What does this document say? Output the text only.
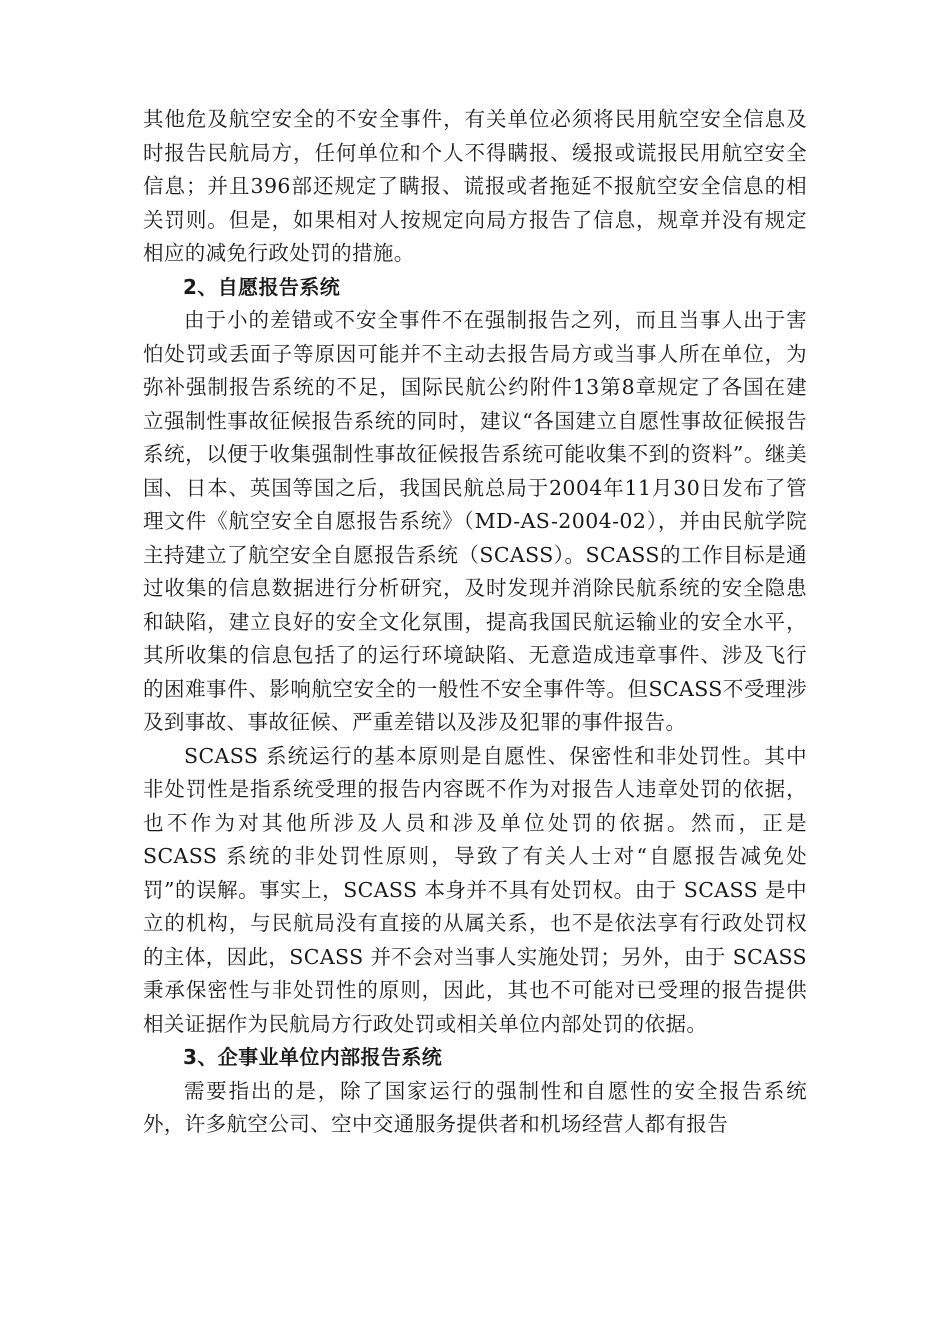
其他危及航空安全的不安全事件，有关单位必须将民用航空安全信息及时报告民航局方，任何单位和个人不得瞒报、缓报或谎报民用航空安全信息；并且396部还规定了瞒报、谎报或者拖延不报航空安全信息的相关罚则。但是，如果相对人按规定向局方报告了信息，规章并没有规定相应的减免行政处罚的措施。

2、自愿报告系统

由于小的差错或不安全事件不在强制报告之列，而且当事人出于害怕处罚或丢面子等原因可能并不主动去报告局方或当事人所在单位，为弥补强制报告系统的不足，国际民航公约附件13第8章规定了各国在建立强制性事故征候报告系统的同时，建议“各国建立自愿性事故征候报告系统，以便于收集强制性事故征候报告系统可能收集不到的资料”。继美国、日本、英国等国之后，我国民航总局于2004年11月30日发布了管理文件《航空安全自愿报告系统》（MD-AS-2004-02），并由民航学院主持建立了航空安全自愿报告系统（SCASS）。SCASS的工作目标是通过收集的信息数据进行分析研究，及时发现并消除民航系统的安全隐患和缺陷，建立良好的安全文化氛围，提高我国民航运输业的安全水平，其所收集的信息包括了的运行环境缺陷、无意造成违章事件、涉及飞行的困难事件、影响航空安全的一般性不安全事件等。但SCASS不受理涉及到事故、事故征候、严重差错以及涉及犯罪的事件报告。

SCASS 系统运行的基本原则是自愿性、保密性和非处罚性。其中非处罚性是指系统受理的报告内容既不作为对报告人违章处罚的依据，也不作为对其他所涉及人员和涉及单位处罚的依据。然而，正是 SCASS 系统的非处罚性原则，导致了有关人士对“自愿报告减免处罚”的误解。事实上，SCASS 本身并不具有处罚权。由于 SCASS 是中立的机构，与民航局没有直接的从属关系，也不是依法享有行政处罚权的主体，因此，SCASS 并不会对当事人实施处罚；另外，由于 SCASS 秉承保密性与非处罚性的原则，因此，其也不可能对已受理的报告提供相关证据作为民航局方行政处罚或相关单位内部处罚的依据。

3、企事业单位内部报告系统

需要指出的是，除了国家运行的强制性和自愿性的安全报告系统外，许多航空公司、空中交通服务提供者和机场经营人都有报告
